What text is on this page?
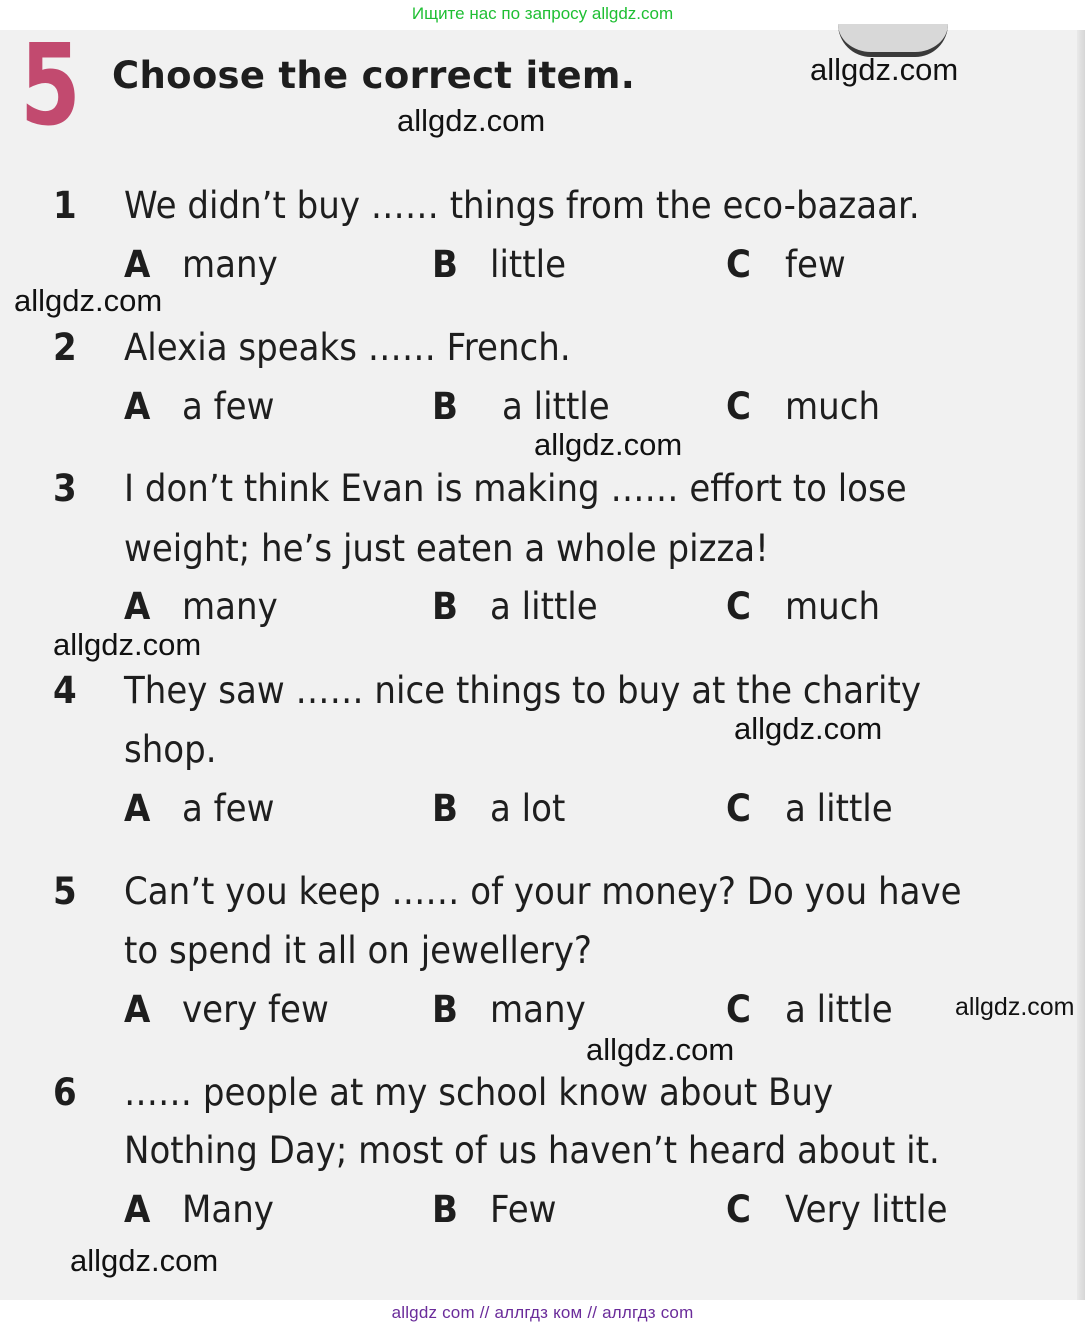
Ищите нас по запросу allgdz.com
5 Choose the correct item.	allgdz.com
allgdz.com
allgdz.com
allgdz.com
allgdz.com
allgdz.com
allgdz.com
allgdz.com
allgdz.com
1 We didn’t buy …… things from the eco-bazaar.
A many	B little	C few
2 Alexia speaks …… French.
A a few	B a little	C much
3 I don’t think Evan is making …… effort to lose
weight; he’s just eaten a whole pizza!
A many	B a little	C much
4 They saw …… nice things to buy at the charity
shop.
A a few	B a lot	C a little
5 Can’t you keep …… of your money? Do you have
to spend it all on jewellery?
A very few	B many	C a little
6 …… people at my school know about Buy
Nothing Day; most of us haven’t heard about it.
A Many	B Few	C Very little
allgdz com // аллгдз ком // аллгдз com
